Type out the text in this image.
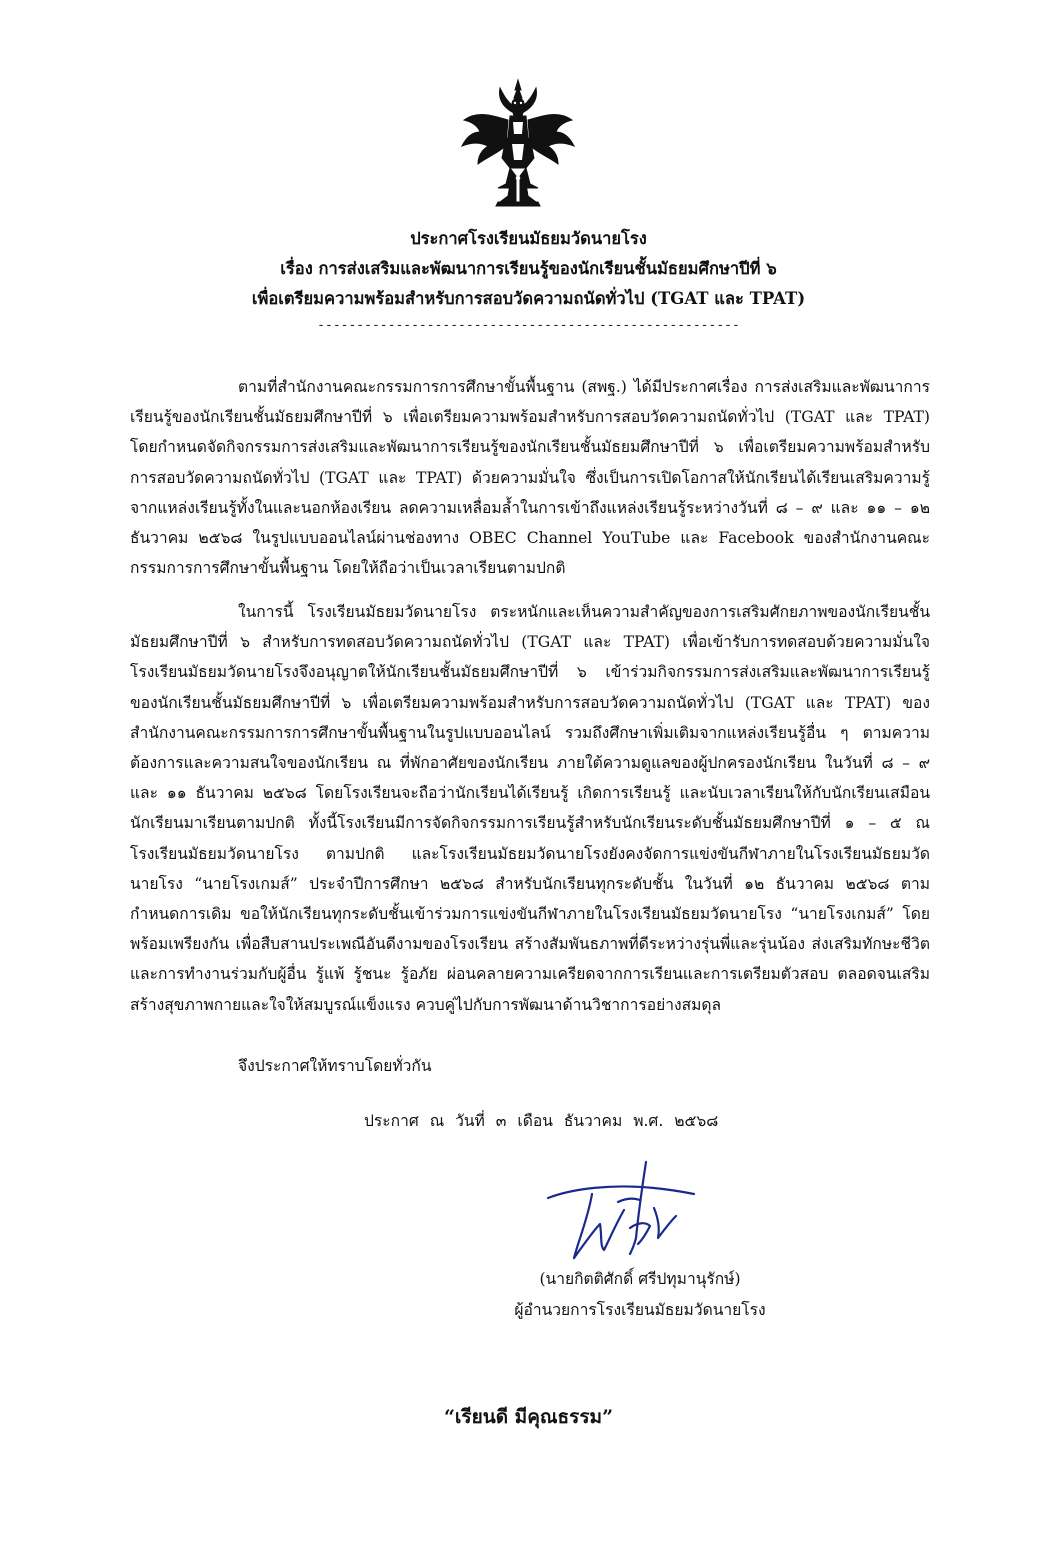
ประกาศโรงเรียนมัธยมวัดนายโรง
เรื่อง การส่งเสริมและพัฒนาการเรียนรู้ของนักเรียนชั้นมัธยมศึกษาปีที่ ๖
เพื่อเตรียมความพร้อมสำหรับการสอบวัดความถนัดทั่วไป (TGAT และ TPAT)
------------------------------------------------------

ตามที่สำนักงานคณะกรรมการการศึกษาขั้นพื้นฐาน (สพฐ.) ได้มีประกาศเรื่อง การส่งเสริมและพัฒนาการเรียนรู้ของนักเรียนชั้นมัธยมศึกษาปีที่ ๖ เพื่อเตรียมความพร้อมสำหรับการสอบวัดความถนัดทั่วไป (TGAT และ TPAT) โดยกำหนดจัดกิจกรรมการส่งเสริมและพัฒนาการเรียนรู้ของนักเรียนชั้นมัธยมศึกษาปีที่ ๖ เพื่อเตรียมความพร้อมสำหรับการสอบวัดความถนัดทั่วไป (TGAT และ TPAT) ด้วยความมั่นใจ ซึ่งเป็นการเปิดโอกาสให้นักเรียนได้เรียนเสริมความรู้จากแหล่งเรียนรู้ทั้งในและนอกห้องเรียน ลดความเหลื่อมล้ำในการเข้าถึงแหล่งเรียนรู้ระหว่างวันที่ ๘ – ๙ และ ๑๑ – ๑๒ ธันวาคม ๒๕๖๘ ในรูปแบบออนไลน์ผ่านช่องทาง OBEC Channel YouTube และ Facebook ของสำนักงานคณะกรรมการการศึกษาขั้นพื้นฐาน โดยให้ถือว่าเป็นเวลาเรียนตามปกติ

ในการนี้ โรงเรียนมัธยมวัดนายโรง ตระหนักและเห็นความสำคัญของการเสริมศักยภาพของนักเรียนชั้นมัธยมศึกษาปีที่ ๖ สำหรับการทดสอบวัดความถนัดทั่วไป (TGAT และ TPAT) เพื่อเข้ารับการทดสอบด้วยความมั่นใจ โรงเรียนมัธยมวัดนายโรงจึงอนุญาตให้นักเรียนชั้นมัธยมศึกษาปีที่ ๖ เข้าร่วมกิจกรรมการส่งเสริมและพัฒนาการเรียนรู้ของนักเรียนชั้นมัธยมศึกษาปีที่ ๖ เพื่อเตรียมความพร้อมสำหรับการสอบวัดความถนัดทั่วไป (TGAT และ TPAT) ของสำนักงานคณะกรรมการการศึกษาขั้นพื้นฐานในรูปแบบออนไลน์ รวมถึงศึกษาเพิ่มเติมจากแหล่งเรียนรู้อื่น ๆ ตามความต้องการและความสนใจของนักเรียน ณ ที่พักอาศัยของนักเรียน ภายใต้ความดูแลของผู้ปกครองนักเรียน ในวันที่ ๘ – ๙ และ ๑๑ ธันวาคม ๒๕๖๘ โดยโรงเรียนจะถือว่านักเรียนได้เรียนรู้ เกิดการเรียนรู้ และนับเวลาเรียนให้กับนักเรียนเสมือนนักเรียนมาเรียนตามปกติ ทั้งนี้โรงเรียนมีการจัดกิจกรรมการเรียนรู้สำหรับนักเรียนระดับชั้นมัธยมศึกษาปีที่ ๑ – ๕ ณ โรงเรียนมัธยมวัดนายโรง ตามปกติ และโรงเรียนมัธยมวัดนายโรงยังคงจัดการแข่งขันกีฬาภายในโรงเรียนมัธยมวัดนายโรง “นายโรงเกมส์” ประจำปีการศึกษา ๒๕๖๘ สำหรับนักเรียนทุกระดับชั้น ในวันที่ ๑๒ ธันวาคม ๒๕๖๘ ตามกำหนดการเดิม ขอให้นักเรียนทุกระดับชั้นเข้าร่วมการแข่งขันกีฬาภายในโรงเรียนมัธยมวัดนายโรง “นายโรงเกมส์” โดยพร้อมเพรียงกัน เพื่อสืบสานประเพณีอันดีงามของโรงเรียน สร้างสัมพันธภาพที่ดีระหว่างรุ่นพี่และรุ่นน้อง ส่งเสริมทักษะชีวิตและการทำงานร่วมกับผู้อื่น รู้แพ้ รู้ชนะ รู้อภัย ผ่อนคลายความเครียดจากการเรียนและการเตรียมตัวสอบ ตลอดจนเสริมสร้างสุขภาพกายและใจให้สมบูรณ์แข็งแรง ควบคู่ไปกับการพัฒนาด้านวิชาการอย่างสมดุล

จึงประกาศให้ทราบโดยทั่วกัน
ประกาศ ณ วันที่ ๓ เดือน ธันวาคม พ.ศ. ๒๕๖๘
(นายกิตติศักดิ์ ศรีปทุมานุรักษ์)
ผู้อำนวยการโรงเรียนมัธยมวัดนายโรง
“เรียนดี มีคุณธรรม”
